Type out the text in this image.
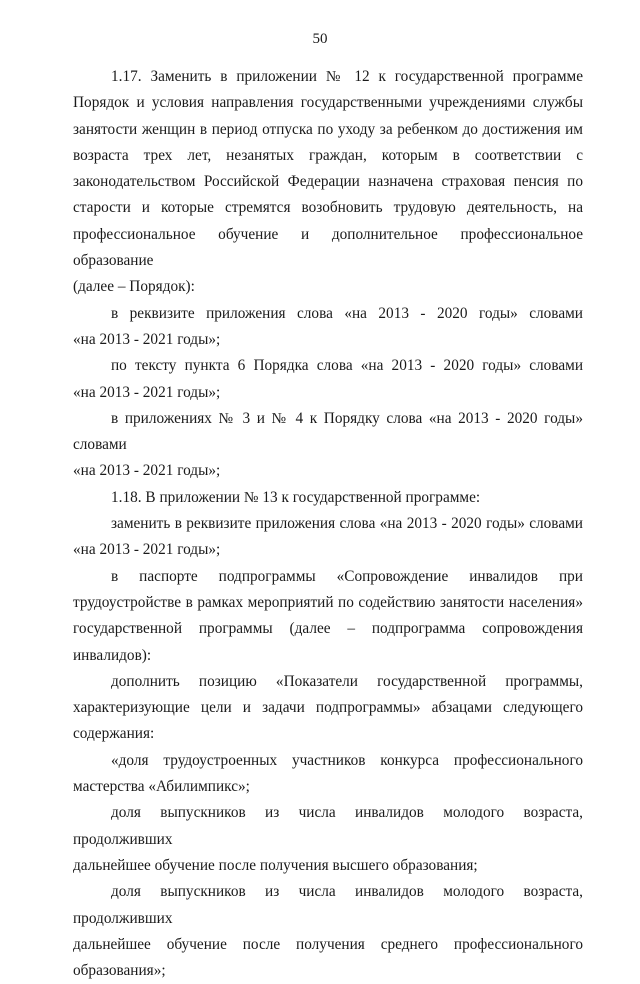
50
1.17. Заменить в приложении № 12 к государственной программе
Порядок и условия направления государственными учреждениями службы
занятости женщин в период отпуска по уходу за ребенком до достижения им
возраста трех лет, незанятых граждан, которым в соответствии с
законодательством Российской Федерации назначена страховая пенсия по
старости и которые стремятся возобновить трудовую деятельность, на
профессиональное обучение и дополнительное профессиональное образование
(далее – Порядок):
в реквизите приложения слова «на 2013 - 2020 годы» словами
«на 2013 - 2021 годы»;
по тексту пункта 6 Порядка слова «на 2013 - 2020 годы» словами
«на 2013 - 2021 годы»;
в приложениях № 3 и № 4 к Порядку слова «на 2013 - 2020 годы» словами
«на 2013 - 2021 годы»;
1.18. В приложении № 13 к государственной программе:
заменить в реквизите приложения слова «на 2013 - 2020 годы» словами
«на 2013 - 2021 годы»;
в паспорте подпрограммы «Сопровождение инвалидов при
трудоустройстве в рамках мероприятий по содействию занятости населения»
государственной программы (далее – подпрограмма сопровождения инвалидов):
дополнить позицию «Показатели государственной программы,
характеризующие цели и задачи подпрограммы» абзацами следующего
содержания:
«доля трудоустроенных участников конкурса профессионального
мастерства «Абилимпикс»;
доля выпускников из числа инвалидов молодого возраста, продолживших
дальнейшее обучение после получения высшего образования;
доля выпускников из числа инвалидов молодого возраста, продолживших
дальнейшее обучение после получения среднего профессионального
образования»;
